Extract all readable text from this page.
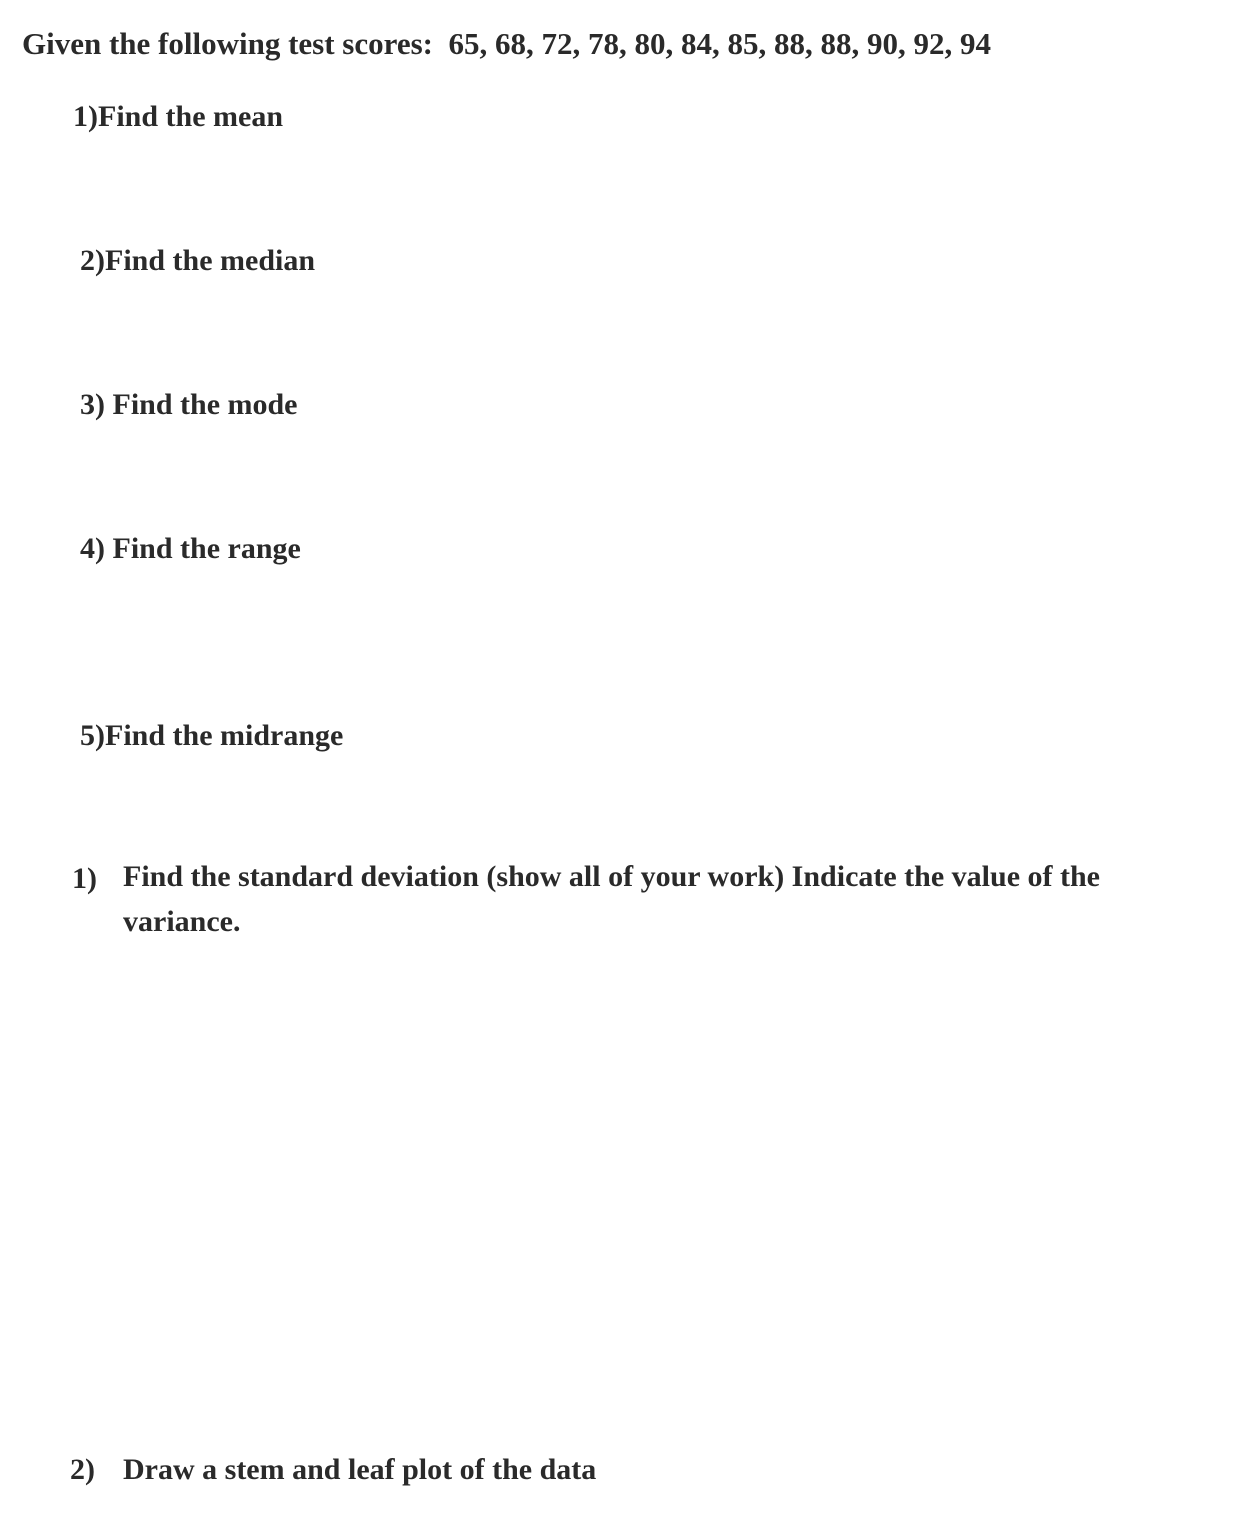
Given the following test scores: 65, 68, 72, 78, 80, 84, 85, 88, 88, 90, 92, 94
1)Find the mean
2)Find the median
3) Find the mode
4) Find the range
5)Find the midrange
1) Find the standard deviation (show all of your work) Indicate the value of the
variance.
2) Draw a stem and leaf plot of the data
